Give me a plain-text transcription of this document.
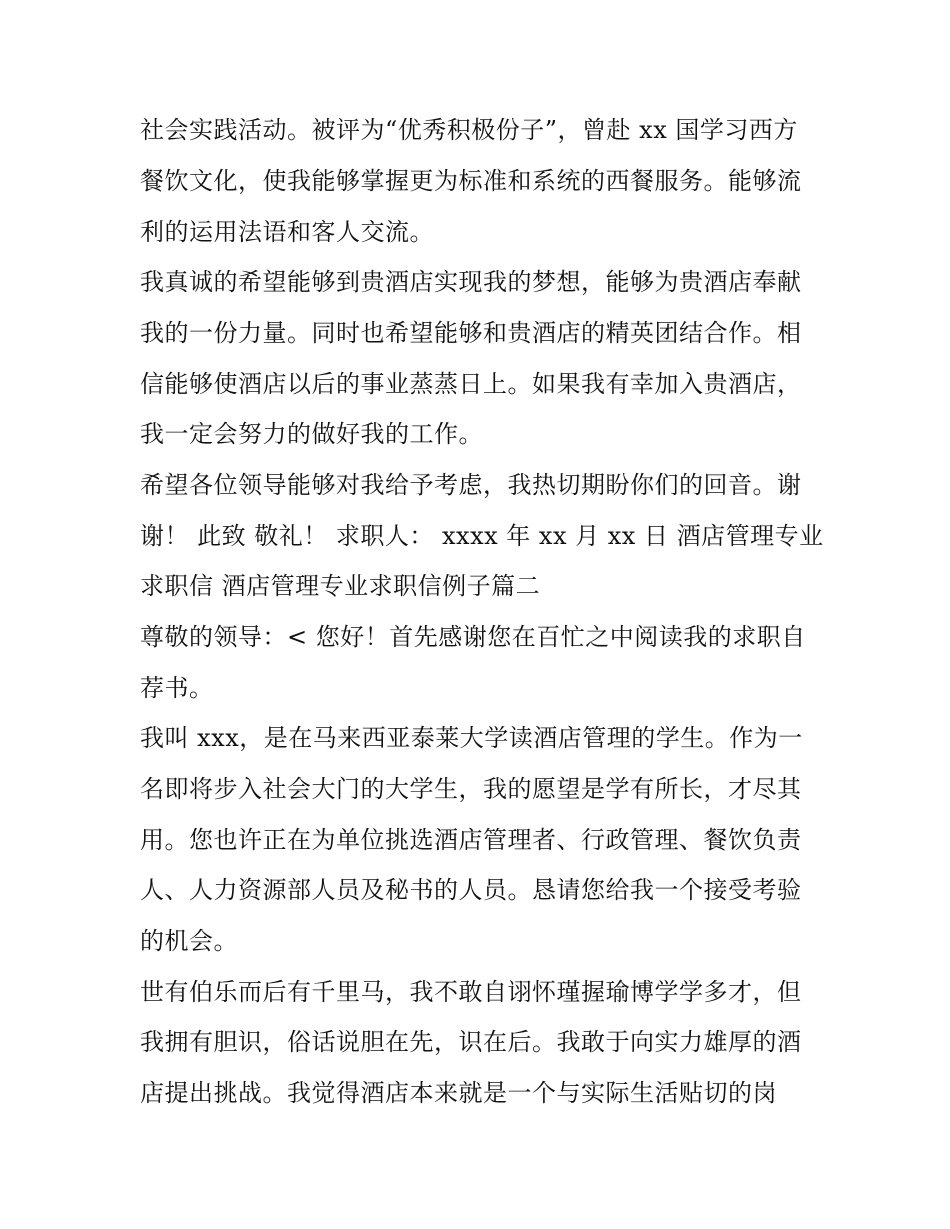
社会实践活动。被评为“优秀积极份子”，曾赴 xx 国学习西方
餐饮文化，使我能够掌握更为标准和系统的西餐服务。能够流
利的运用法语和客人交流。
我真诚的希望能够到贵酒店实现我的梦想，能够为贵酒店奉献
我的一份力量。同时也希望能够和贵酒店的精英团结合作。相
信能够使酒店以后的事业蒸蒸日上。如果我有幸加入贵酒店，
我一定会努力的做好我的工作。
希望各位领导能够对我给予考虑，我热切期盼你们的回音。谢
谢！ 此致 敬礼！ 求职人： xxxx 年 xx 月 xx 日 酒店管理专业
求职信 酒店管理专业求职信例子篇二
尊敬的领导：< 您好！首先感谢您在百忙之中阅读我的求职自
荐书。
我叫 xxx，是在马来西亚泰莱大学读酒店管理的学生。作为一
名即将步入社会大门的大学生，我的愿望是学有所长，才尽其
用。您也许正在为单位挑选酒店管理者、行政管理、餐饮负责
人、人力资源部人员及秘书的人员。恳请您给我一个接受考验
的机会。
世有伯乐而后有千里马，我不敢自诩怀瑾握瑜博学学多才，但
我拥有胆识，俗话说胆在先，识在后。我敢于向实力雄厚的酒
店提出挑战。我觉得酒店本来就是一个与实际生活贴切的岗
